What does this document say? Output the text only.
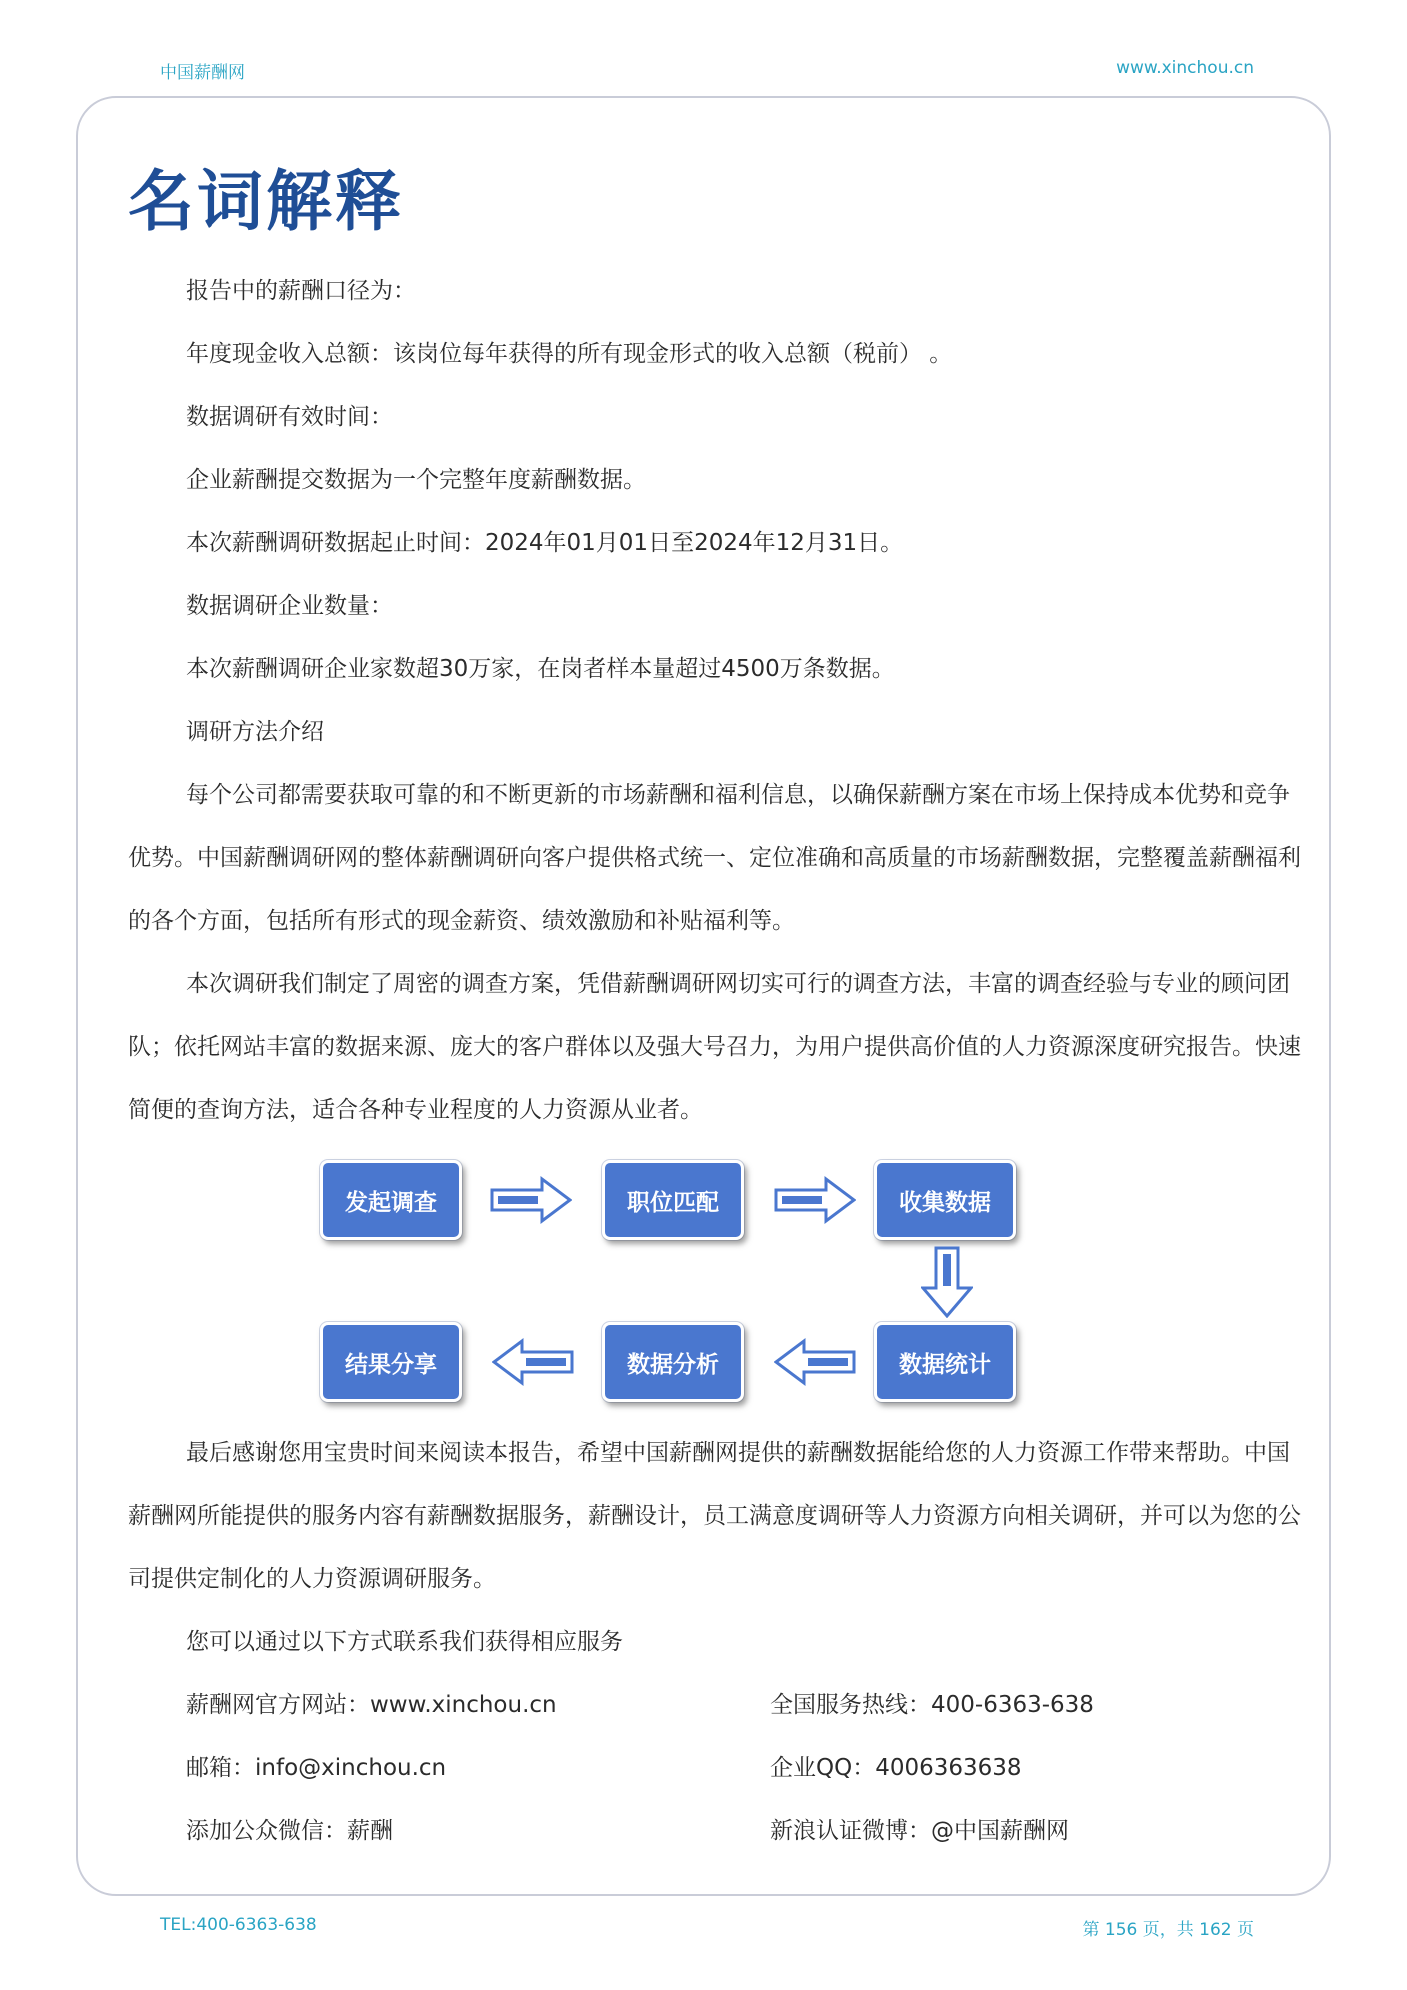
中国薪酬网	www.xinchou.cn
名词解释

报告中的薪酬口径为：

年度现金收入总额：该岗位每年获得的所有现金形式的收入总额（税前） 。

数据调研有效时间：

企业薪酬提交数据为一个完整年度薪酬数据。

本次薪酬调研数据起止时间：2024年01月01日至2024年12月31日。

数据调研企业数量：

本次薪酬调研企业家数超30万家，在岗者样本量超过4500万条数据。

调研方法介绍

每个公司都需要获取可靠的和不断更新的市场薪酬和福利信息，以确保薪酬方案在市场上保持成本优势和竞争优势。中国薪酬调研网的整体薪酬调研向客户提供格式统一、定位准确和高质量的市场薪酬数据，完整覆盖薪酬福利的各个方面，包括所有形式的现金薪资、绩效激励和补贴福利等。

本次调研我们制定了周密的调查方案，凭借薪酬调研网切实可行的调查方法，丰富的调查经验与专业的顾问团队；依托网站丰富的数据来源、庞大的客户群体以及强大号召力，为用户提供高价值的人力资源深度研究报告。快速简便的查询方法，适合各种专业程度的人力资源从业者。

发起调查	职位匹配	收集数据
数据统计
数据分析
结果分享

最后感谢您用宝贵时间来阅读本报告，希望中国薪酬网提供的薪酬数据能给您的人力资源工作带来帮助。中国薪酬网所能提供的服务内容有薪酬数据服务，薪酬设计，员工满意度调研等人力资源方向相关调研，并可以为您的公司提供定制化的人力资源调研服务。

您可以通过以下方式联系我们获得相应服务

薪酬网官方网站：www.xinchou.cn	全国服务热线：400-6363-638

邮箱：info@xinchou.cn	企业QQ：4006363638

添加公众微信：薪酬	新浪认证微博：@中国薪酬网

TEL:400-6363-638	第 156 页，共 162 页
